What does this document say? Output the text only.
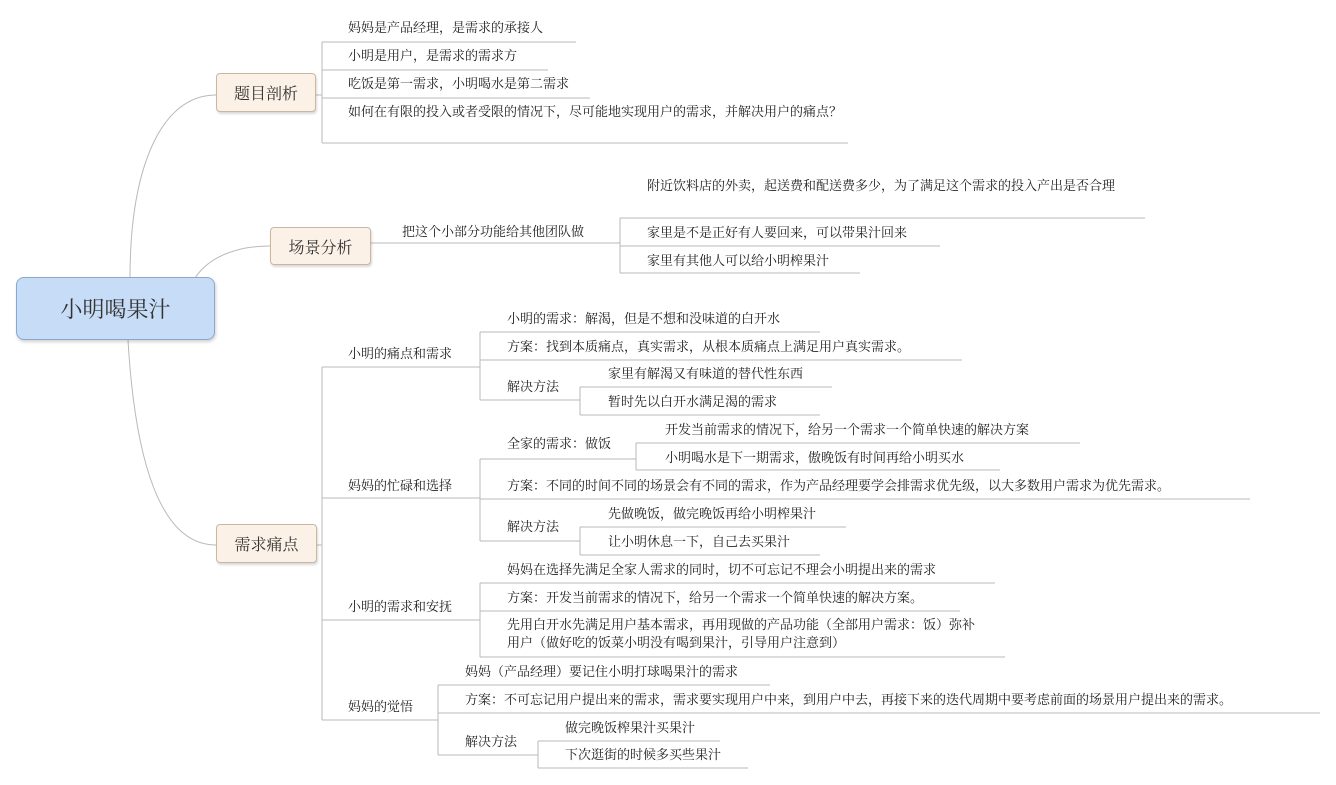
小明喝果汁
题目剖析
场景分析
需求痛点
妈妈是产品经理，是需求的承接人
小明是用户，是需求的需求方
吃饭是第一需求，小明喝水是第二需求
如何在有限的投入或者受限的情况下，尽可能地实现用户的需求，并解决用户的痛点？
把这个小部分功能给其他团队做
附近饮料店的外卖，起送费和配送费多少，为了满足这个需求的投入产出是否合理
家里是不是正好有人要回来，可以带果汁回来
家里有其他人可以给小明榨果汁
小明的痛点和需求
妈妈的忙碌和选择
小明的需求和安抚
妈妈的觉悟
小明的需求：解渴，但是不想和没味道的白开水
方案：找到本质痛点，真实需求，从根本质痛点上满足用户真实需求。
解决方法
家里有解渴又有味道的替代性东西
暂时先以白开水满足渴的需求
全家的需求：做饭
开发当前需求的情况下，给另一个需求一个简单快速的解决方案
小明喝水是下一期需求，傲晚饭有时间再给小明买水
方案：不同的时间不同的场景会有不同的需求，作为产品经理要学会排需求优先级，以大多数用户需求为优先需求。
解决方法
先做晚饭，做完晚饭再给小明榨果汁
让小明休息一下，自己去买果汁
妈妈在选择先满足全家人需求的同时，切不可忘记不理会小明提出来的需求
方案：开发当前需求的情况下，给另一个需求一个简单快速的解决方案。
先用白开水先满足用户基本需求，再用现做的产品功能（全部用户需求：饭）弥补用户（做好吃的饭菜小明没有喝到果汁，引导用户注意到）
妈妈（产品经理）要记住小明打球喝果汁的需求
方案：不可忘记用户提出来的需求，需求要实现用户中来，到用户中去，再接下来的迭代周期中要考虑前面的场景用户提出来的需求。
解决方法
做完晚饭榨果汁买果汁
下次逛街的时候多买些果汁
